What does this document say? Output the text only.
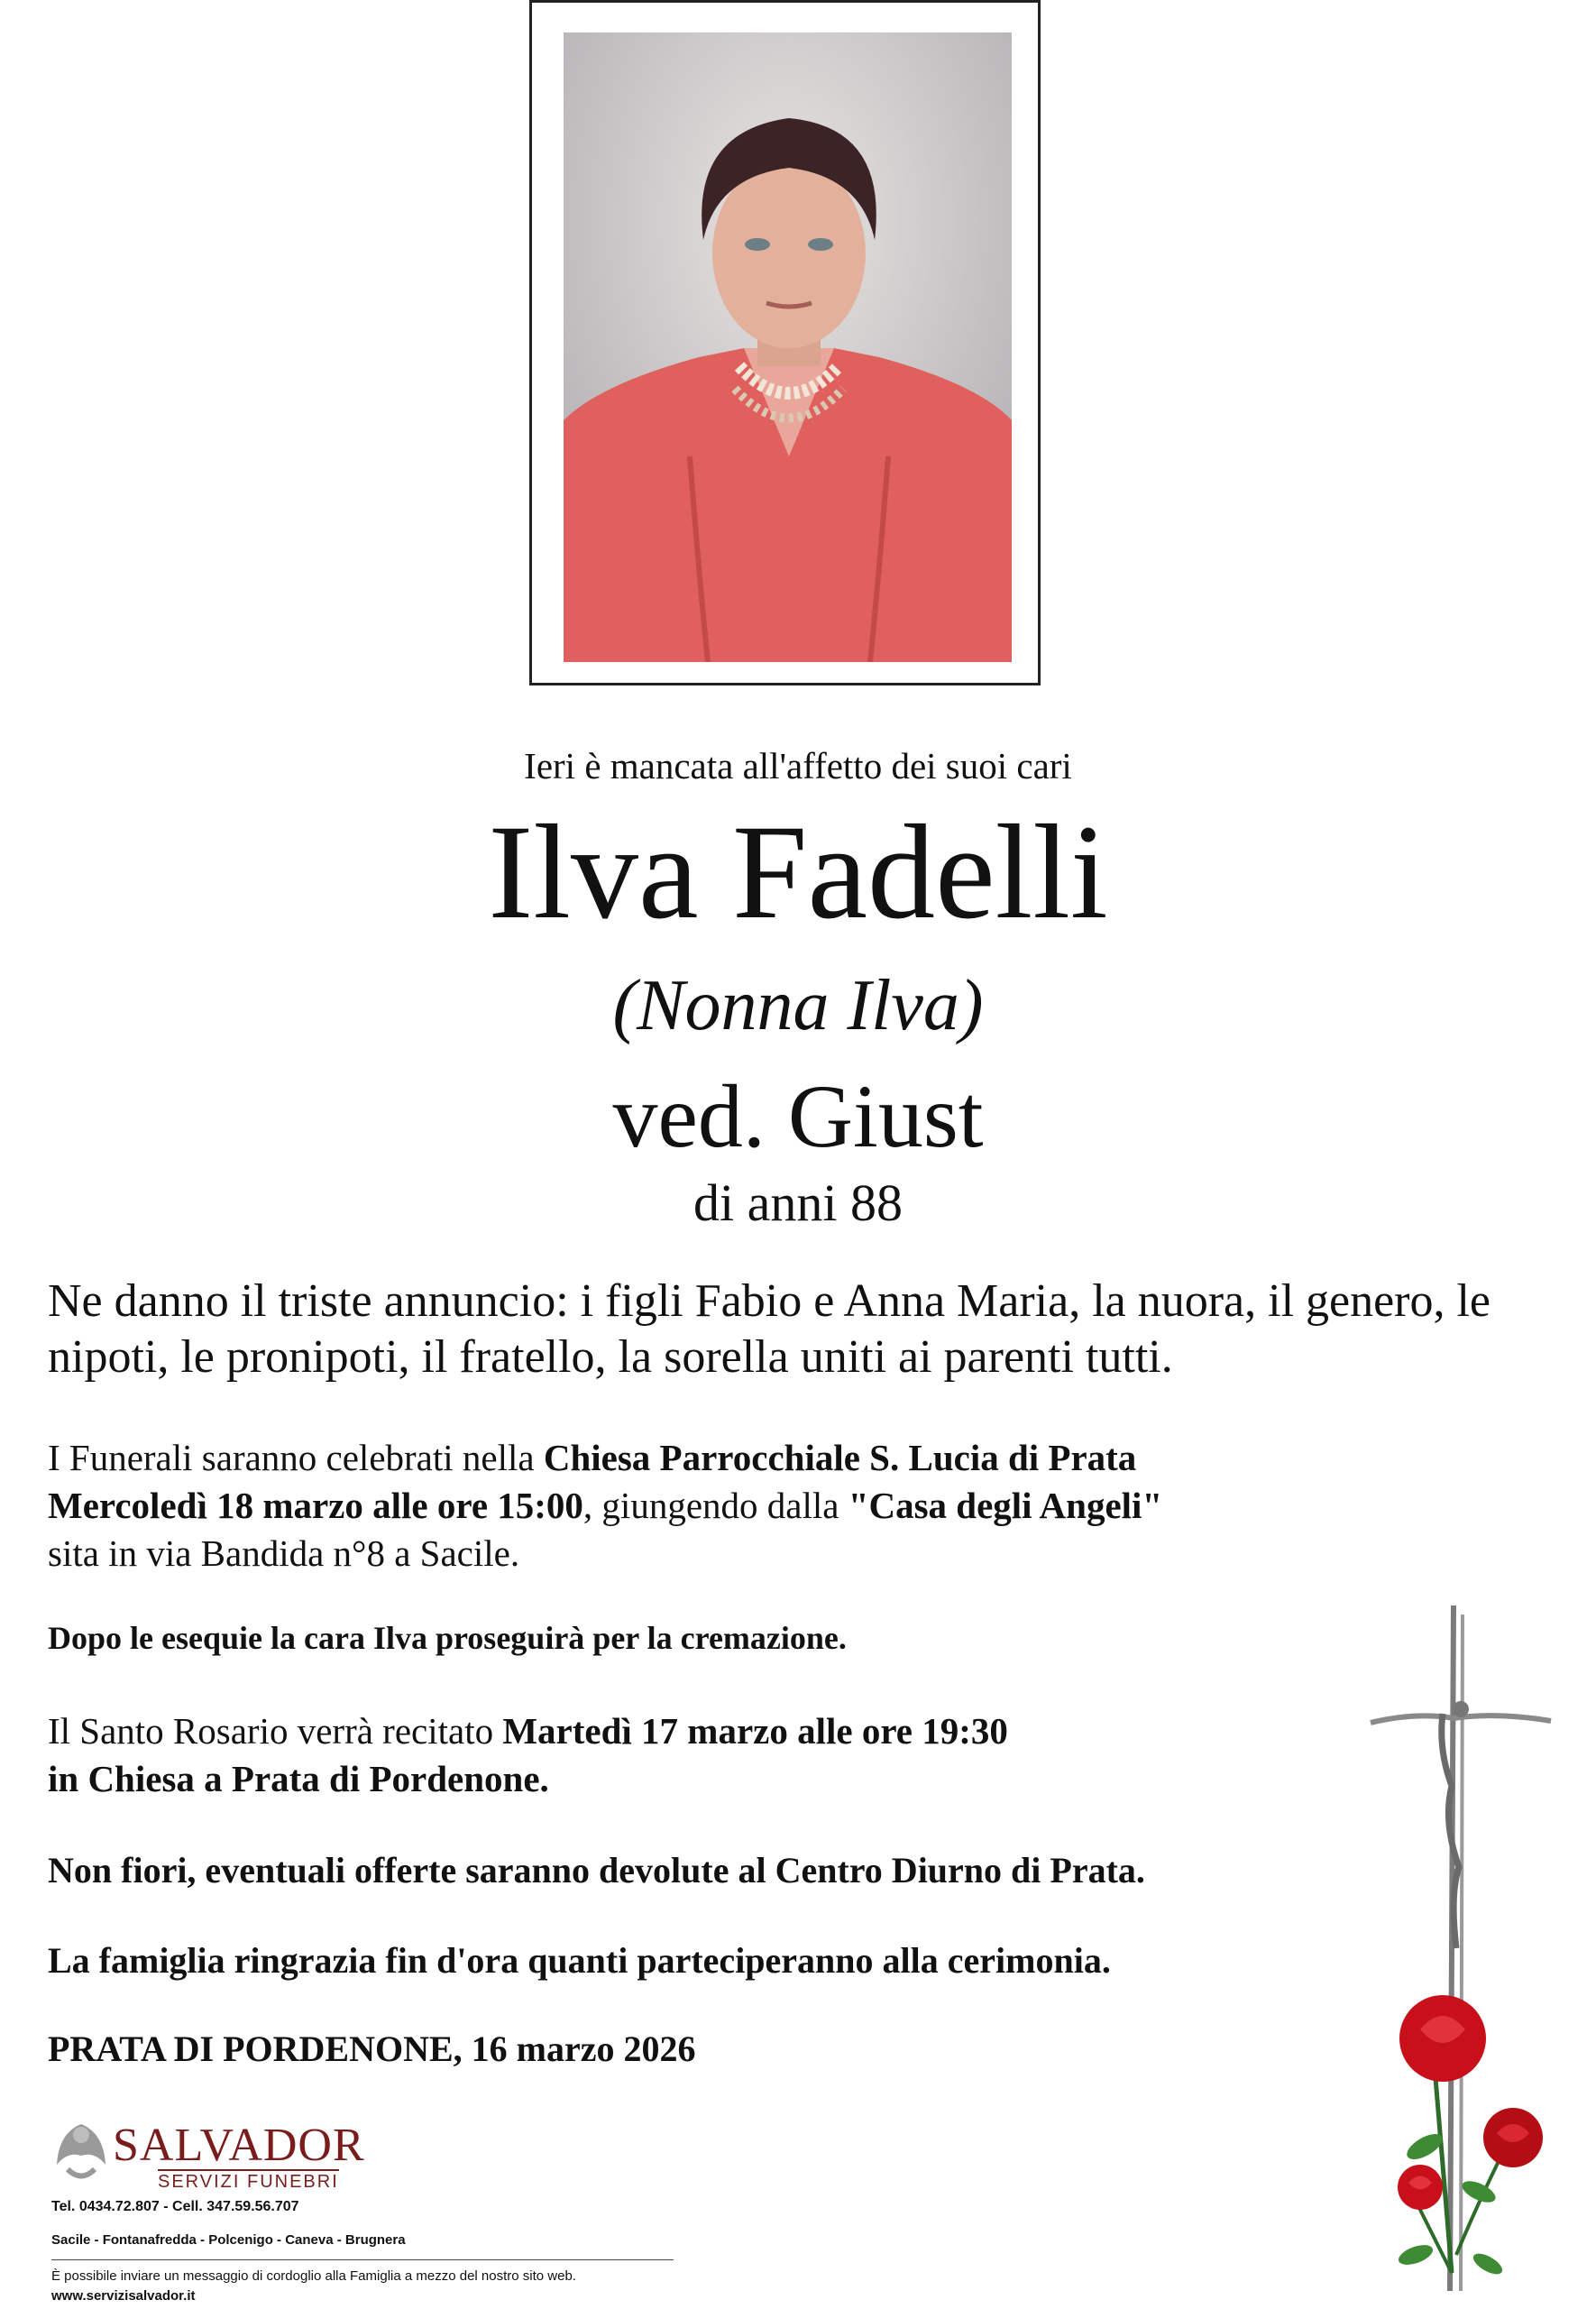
Ieri è mancata all'affetto dei suoi cari
Ilva Fadelli
(Nonna Ilva)
ved. Giust
di anni 88
Ne danno il triste annuncio: i figli Fabio e Anna Maria, la nuora, il genero, le nipoti, le pronipoti, il fratello, la sorella uniti ai parenti tutti.
I Funerali saranno celebrati nella Chiesa Parrocchiale S. Lucia di Prata
Mercoledì 18 marzo alle ore 15:00, giungendo dalla "Casa degli Angeli"
sita in via Bandida n°8 a Sacile.
Dopo le esequie la cara Ilva proseguirà per la cremazione.
Il Santo Rosario verrà recitato Martedì 17 marzo alle ore 19:30
in Chiesa a Prata di Pordenone.
Non fiori, eventuali offerte saranno devolute al Centro Diurno di Prata.
La famiglia ringrazia fin d'ora quanti parteciperanno alla cerimonia.
PRATA DI PORDENONE, 16 marzo 2026
SALVADOR
SERVIZI FUNEBRI
Tel. 0434.72.807 - Cell. 347.59.56.707
Sacile - Fontanafredda - Polcenigo - Caneva - Brugnera
È possibile inviare un messaggio di cordoglio alla Famiglia a mezzo del nostro sito web.
www.servizisalvador.it
